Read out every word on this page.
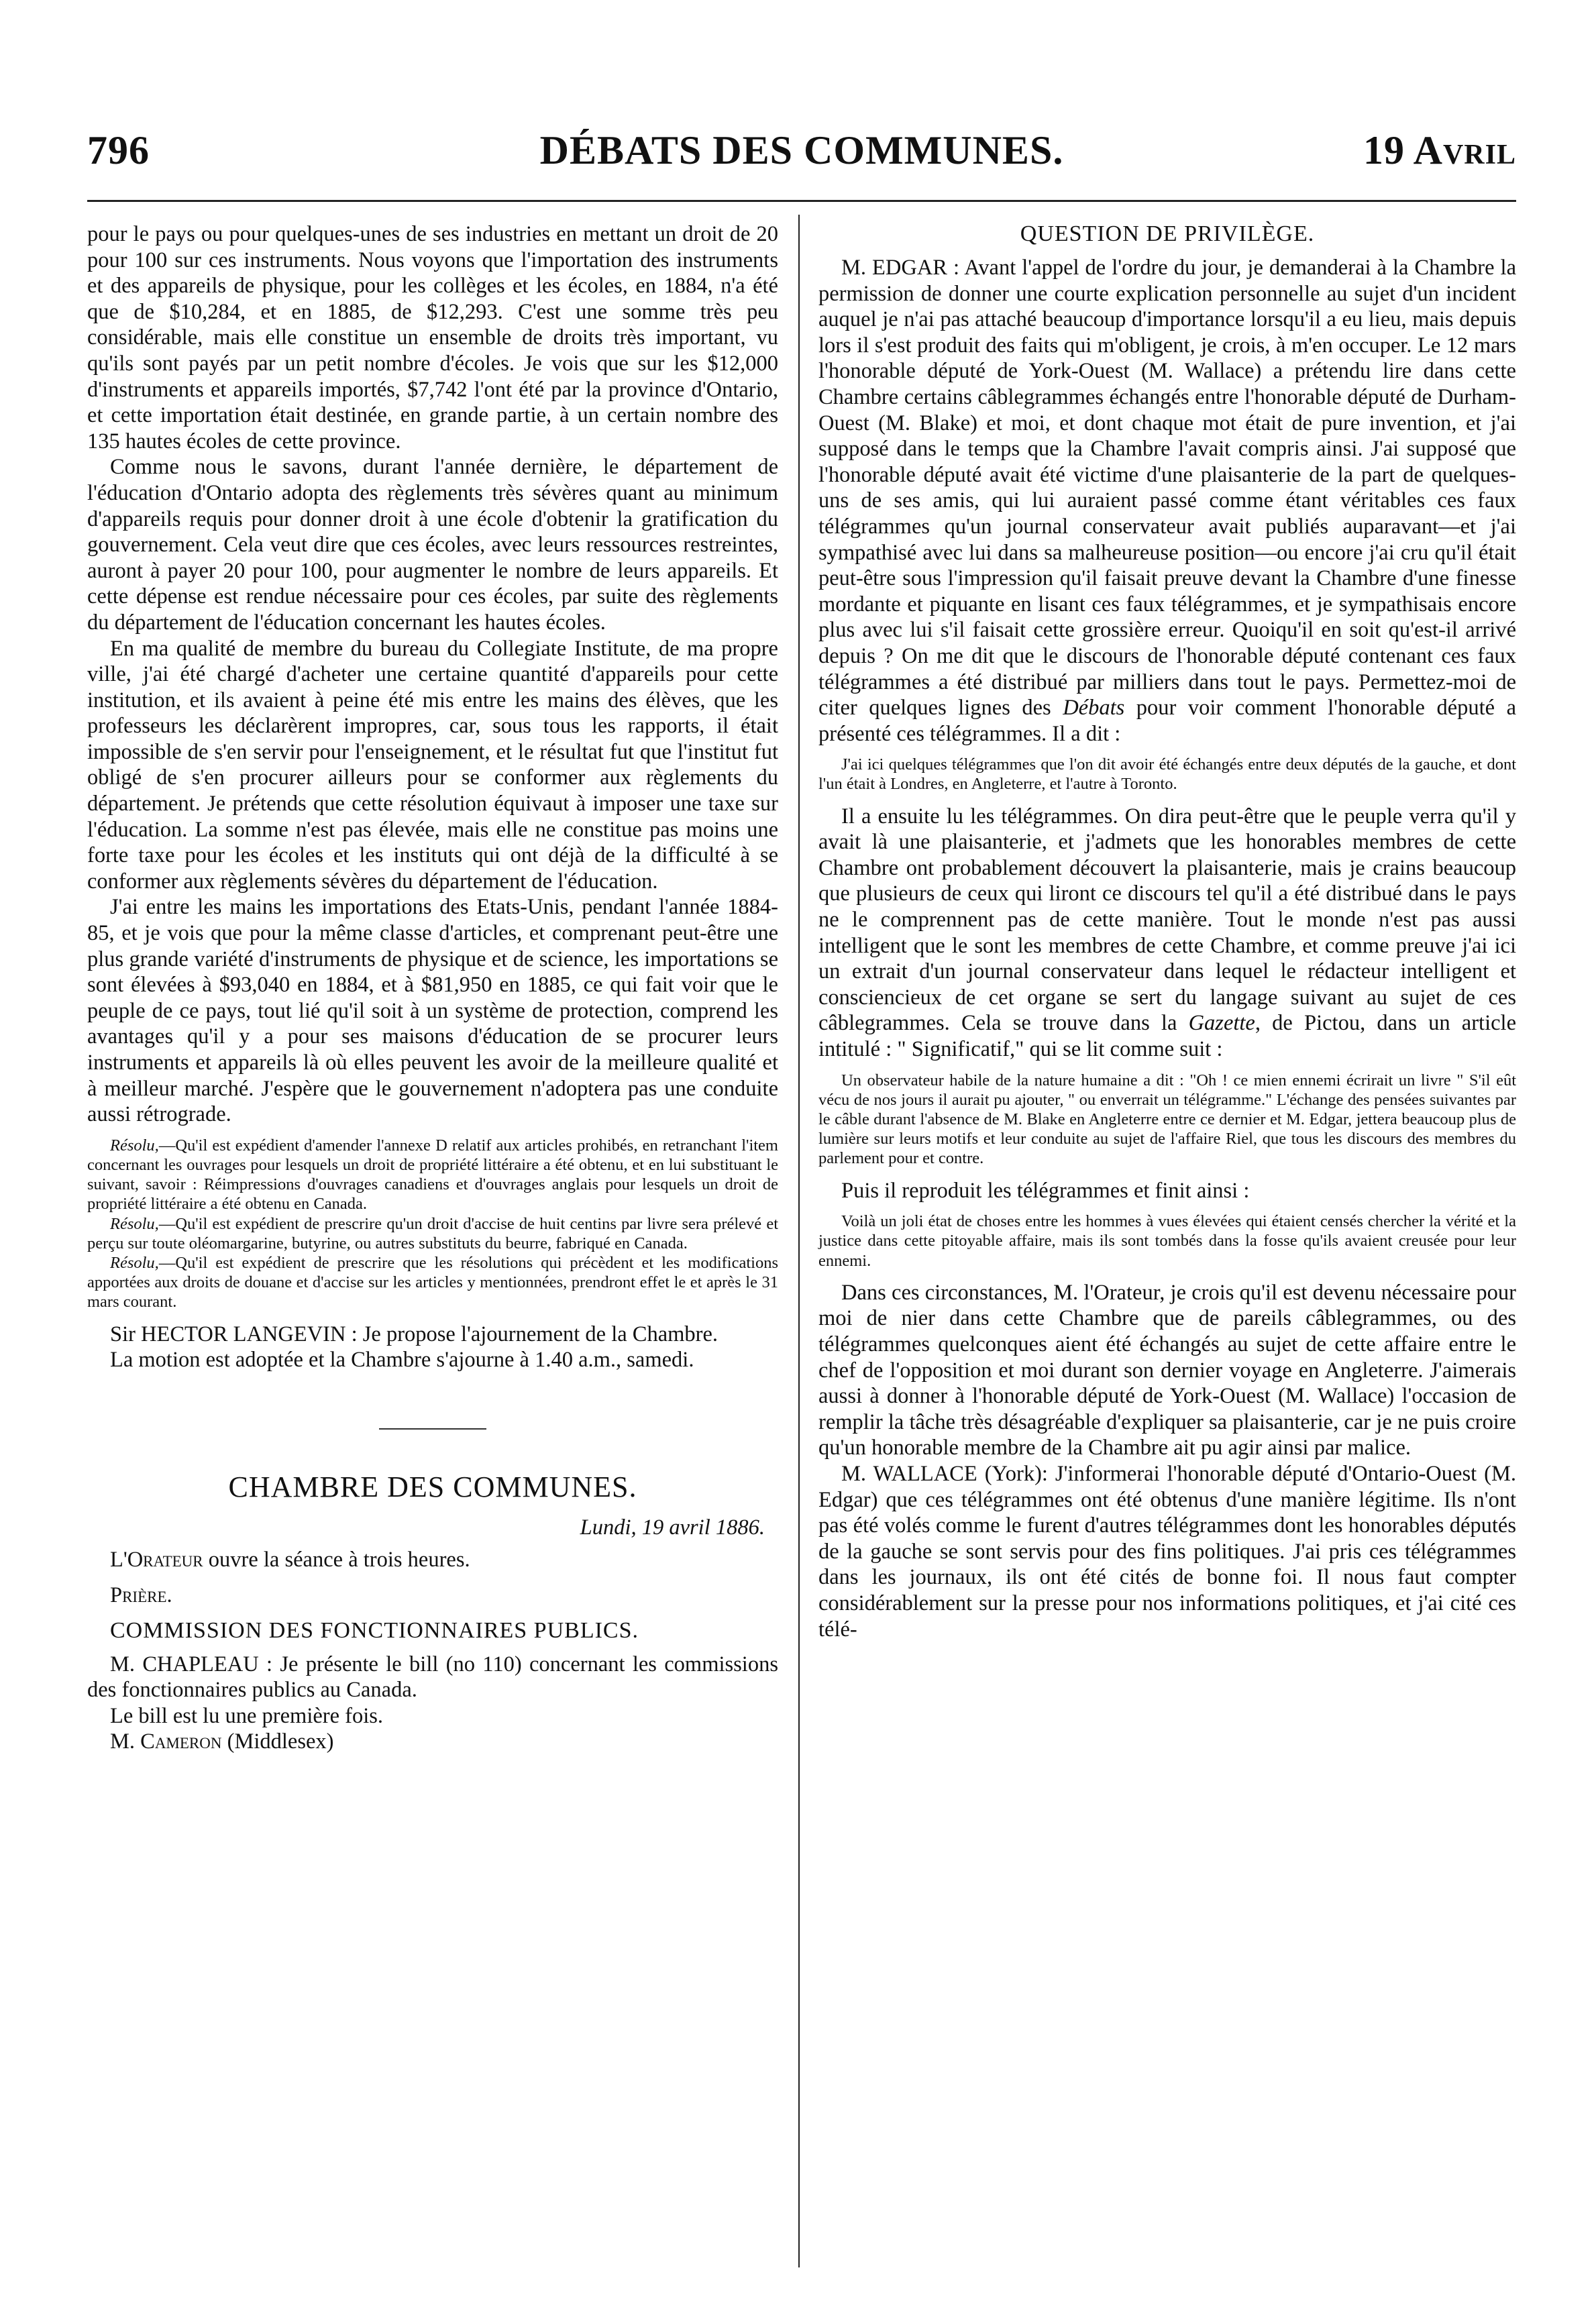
796	DÉBATS DES COMMUNES.	19 Avril

pour le pays ou pour quelques-unes de ses industries en mettant un droit de 20 pour 100 sur ces instruments. Nous voyons que l'importation des instruments et des appareils de physique, pour les collèges et les écoles, en 1884, n'a été que de $10,284, et en 1885, de $12,293. C'est une somme très peu considérable, mais elle constitue un ensemble de droits très important, vu qu'ils sont payés par un petit nombre d'écoles. Je vois que sur les $12,000 d'instruments et appareils importés, $7,742 l'ont été par la province d'Ontario, et cette importation était destinée, en grande partie, à un certain nombre des 135 hautes écoles de cette province.

Comme nous le savons, durant l'année dernière, le département de l'éducation d'Ontario adopta des règlements très sévères quant au minimum d'appareils requis pour donner droit à une école d'obtenir la gratification du gouvernement. Cela veut dire que ces écoles, avec leurs ressources restreintes, auront à payer 20 pour 100, pour augmenter le nombre de leurs appareils. Et cette dépense est rendue nécessaire pour ces écoles, par suite des règlements du département de l'éducation concernant les hautes écoles.

En ma qualité de membre du bureau du Collegiate Institute, de ma propre ville, j'ai été chargé d'acheter une certaine quantité d'appareils pour cette institution, et ils avaient à peine été mis entre les mains des élèves, que les professeurs les déclarèrent impropres, car, sous tous les rapports, il était impossible de s'en servir pour l'enseignement, et le résultat fut que l'institut fut obligé de s'en procurer ailleurs pour se conformer aux règlements du département. Je prétends que cette résolution équivaut à imposer une taxe sur l'éducation. La somme n'est pas élevée, mais elle ne constitue pas moins une forte taxe pour les écoles et les instituts qui ont déjà de la difficulté à se conformer aux règlements sévères du département de l'éducation.

J'ai entre les mains les importations des Etats-Unis, pendant l'année 1884-85, et je vois que pour la même classe d'articles, et comprenant peut-être une plus grande variété d'instruments de physique et de science, les importations se sont élevées à $93,040 en 1884, et à $81,950 en 1885, ce qui fait voir que le peuple de ce pays, tout lié qu'il soit à un système de protection, comprend les avantages qu'il y a pour ses maisons d'éducation de se procurer leurs instruments et appareils là où elles peuvent les avoir de la meilleure qualité et à meilleur marché. J'espère que le gouvernement n'adoptera pas une conduite aussi rétrograde.

Résolu,—Qu'il est expédient d'amender l'annexe D relatif aux articles prohibés, en retranchant l'item concernant les ouvrages pour lesquels un droit de propriété littéraire a été obtenu, et en lui substituant le suivant, savoir : Réimpressions d'ouvrages canadiens et d'ouvrages anglais pour lesquels un droit de propriété littéraire a été obtenu en Canada.

Résolu,—Qu'il est expédient de prescrire qu'un droit d'accise de huit centins par livre sera prélevé et perçu sur toute oléomargarine, butyrine, ou autres substituts du beurre, fabriqué en Canada.

Résolu,—Qu'il est expédient de prescrire que les résolutions qui précèdent et les modifications apportées aux droits de douane et d'accise sur les articles y mentionnées, prendront effet le et après le 31 mars courant.

Sir HECTOR LANGEVIN : Je propose l'ajournement de la Chambre.

La motion est adoptée et la Chambre s'ajourne à 1.40 a.m., samedi.

CHAMBRE DES COMMUNES.

Lundi, 19 avril 1886.

L'Orateur ouvre la séance à trois heures.

Prière.

COMMISSION DES FONCTIONNAIRES PUBLICS.

M. CHAPLEAU : Je présente le bill (no 110) concernant les commissions des fonctionnaires publics au Canada.

Le bill est lu une première fois.

M. Cameron (Middlesex)

QUESTION DE PRIVILÈGE.

M. EDGAR : Avant l'appel de l'ordre du jour, je demanderai à la Chambre la permission de donner une courte explication personnelle au sujet d'un incident auquel je n'ai pas attaché beaucoup d'importance lorsqu'il a eu lieu, mais depuis lors il s'est produit des faits qui m'obligent, je crois, à m'en occuper. Le 12 mars l'honorable député de York-Ouest (M. Wallace) a prétendu lire dans cette Chambre certains câblegrammes échangés entre l'honorable député de Durham-Ouest (M. Blake) et moi, et dont chaque mot était de pure invention, et j'ai supposé dans le temps que la Chambre l'avait compris ainsi. J'ai supposé que l'honorable député avait été victime d'une plaisanterie de la part de quelques-uns de ses amis, qui lui auraient passé comme étant véritables ces faux télégrammes qu'un journal conservateur avait publiés auparavant—et j'ai sympathisé avec lui dans sa malheureuse position—ou encore j'ai cru qu'il était peut-être sous l'impression qu'il faisait preuve devant la Chambre d'une finesse mordante et piquante en lisant ces faux télégrammes, et je sympathisais encore plus avec lui s'il faisait cette grossière erreur. Quoiqu'il en soit qu'est-il arrivé depuis ? On me dit que le discours de l'honorable député contenant ces faux télégrammes a été distribué par milliers dans tout le pays. Permettez-moi de citer quelques lignes des Débats pour voir comment l'honorable député a présenté ces télégrammes. Il a dit :

J'ai ici quelques télégrammes que l'on dit avoir été échangés entre deux députés de la gauche, et dont l'un était à Londres, en Angleterre, et l'autre à Toronto.

Il a ensuite lu les télégrammes. On dira peut-être que le peuple verra qu'il y avait là une plaisanterie, et j'admets que les honorables membres de cette Chambre ont probablement découvert la plaisanterie, mais je crains beaucoup que plusieurs de ceux qui liront ce discours tel qu'il a été distribué dans le pays ne le comprennent pas de cette manière. Tout le monde n'est pas aussi intelligent que le sont les membres de cette Chambre, et comme preuve j'ai ici un extrait d'un journal conservateur dans lequel le rédacteur intelligent et consciencieux de cet organe se sert du langage suivant au sujet de ces câblegrammes. Cela se trouve dans la Gazette, de Pictou, dans un article intitulé : " Significatif," qui se lit comme suit :

Un observateur habile de la nature humaine a dit : "Oh ! ce mien ennemi écrirait un livre " S'il eût vécu de nos jours il aurait pu ajouter, " ou enverrait un télégramme." L'échange des pensées suivantes par le câble durant l'absence de M. Blake en Angleterre entre ce dernier et M. Edgar, jettera beaucoup plus de lumière sur leurs motifs et leur conduite au sujet de l'affaire Riel, que tous les discours des membres du parlement pour et contre.

Puis il reproduit les télégrammes et finit ainsi :

Voilà un joli état de choses entre les hommes à vues élevées qui étaient censés chercher la vérité et la justice dans cette pitoyable affaire, mais ils sont tombés dans la fosse qu'ils avaient creusée pour leur ennemi.

Dans ces circonstances, M. l'Orateur, je crois qu'il est devenu nécessaire pour moi de nier dans cette Chambre que de pareils câblegrammes, ou des télégrammes quelconques aient été échangés au sujet de cette affaire entre le chef de l'opposition et moi durant son dernier voyage en Angleterre. J'aimerais aussi à donner à l'honorable député de York-Ouest (M. Wallace) l'occasion de remplir la tâche très désagréable d'expliquer sa plaisanterie, car je ne puis croire qu'un honorable membre de la Chambre ait pu agir ainsi par malice.

M. WALLACE (York): J'informerai l'honorable député d'Ontario-Ouest (M. Edgar) que ces télégrammes ont été obtenus d'une manière légitime. Ils n'ont pas été volés comme le furent d'autres télégrammes dont les honorables députés de la gauche se sont servis pour des fins politiques. J'ai pris ces télégrammes dans les journaux, ils ont été cités de bonne foi. Il nous faut compter considérablement sur la presse pour nos informations politiques, et j'ai cité ces télé-
